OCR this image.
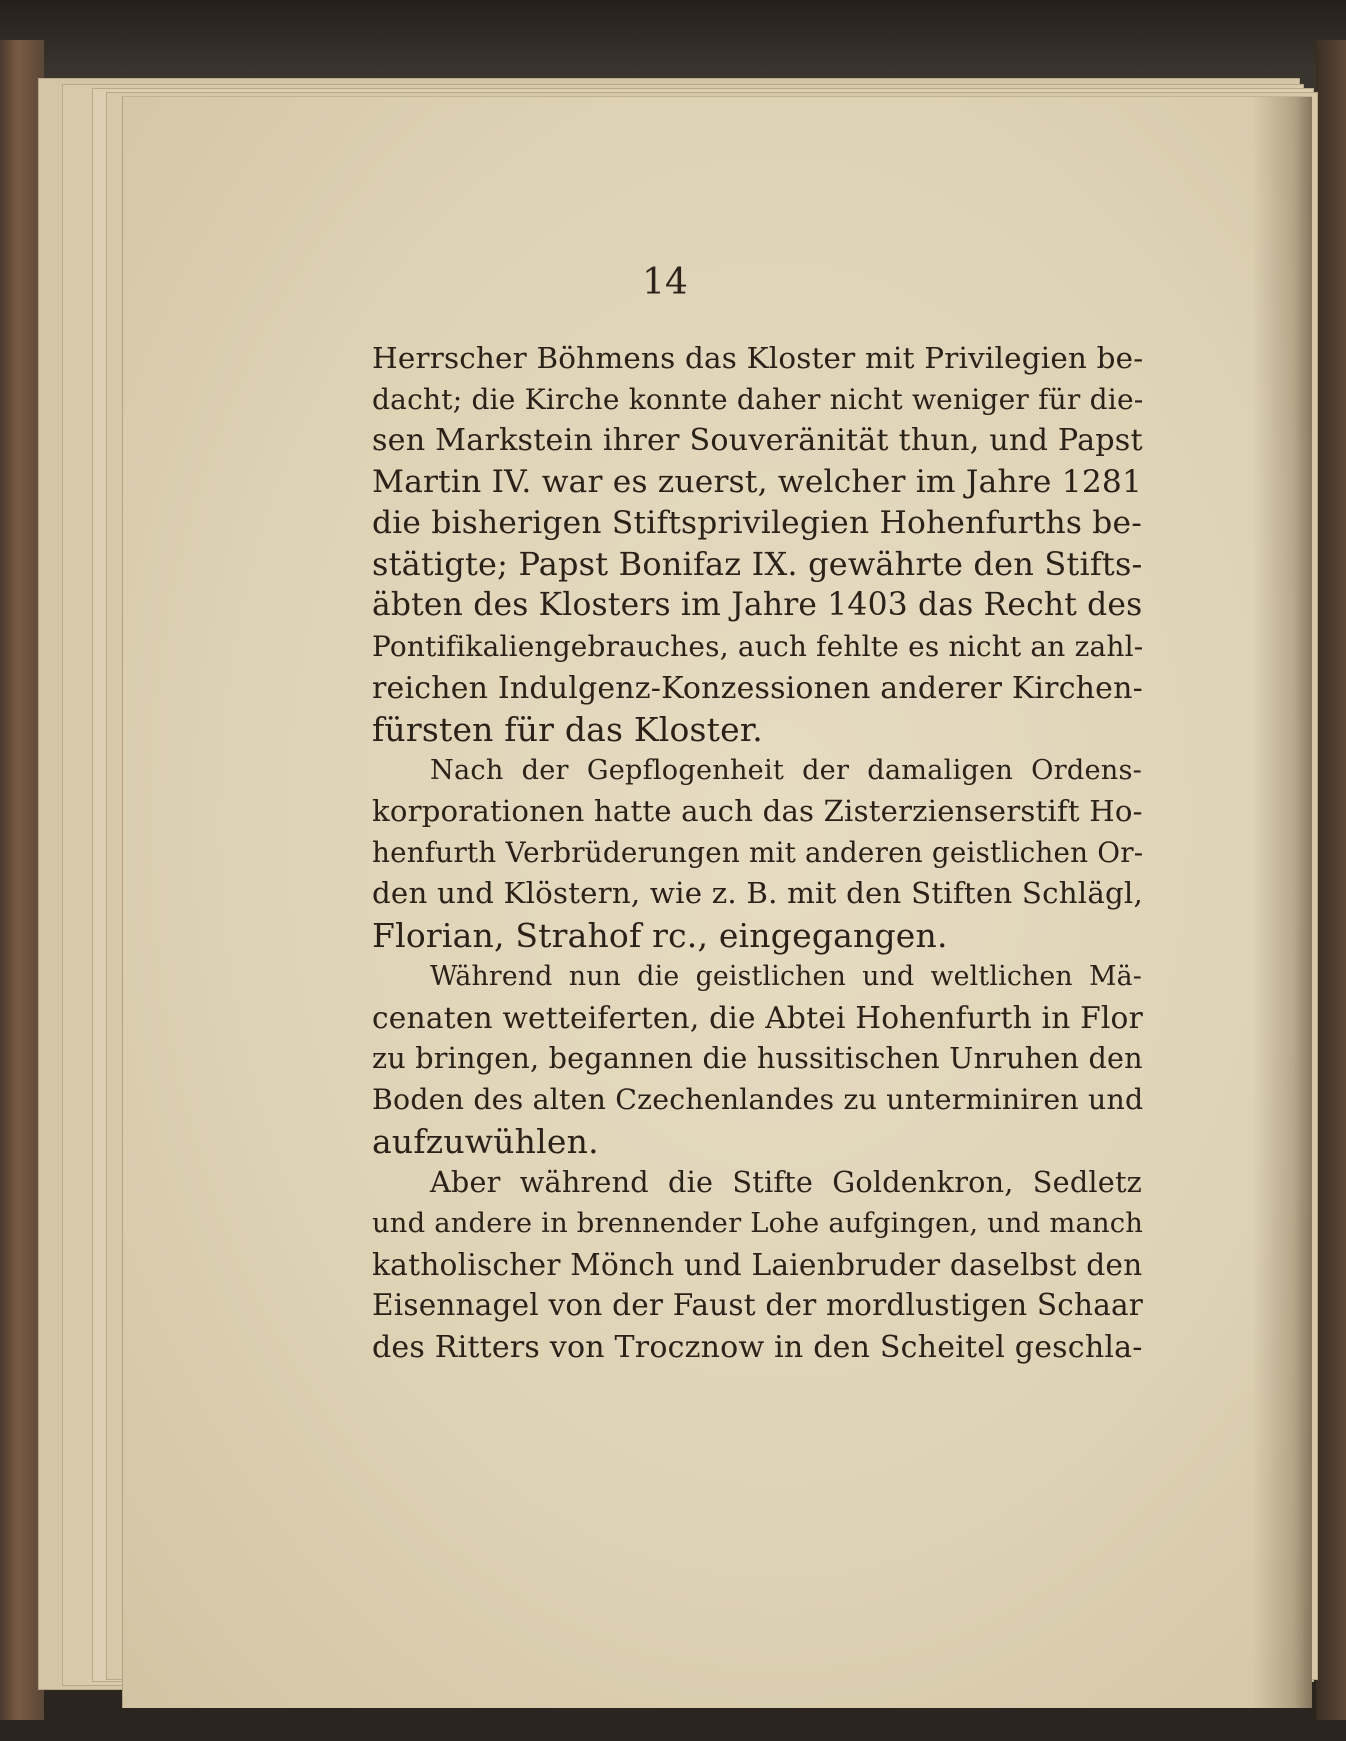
14
Herrscher Böhmens das Kloster mit Privilegien be-
dacht; die Kirche konnte daher nicht weniger für die-
sen Markstein ihrer Souveränität thun, und Papst
Martin IV. war es zuerst, welcher im Jahre 1281
die bisherigen Stiftsprivilegien Hohenfurths be-
stätigte; Papst Bonifaz IX. gewährte den Stifts-
äbten des Klosters im Jahre 1403 das Recht des
Pontifikaliengebrauches, auch fehlte es nicht an zahl-
reichen Indulgenz-Konzessionen anderer Kirchen-
fürsten für das Kloster.
Nach der Gepflogenheit der damaligen Ordens-
korporationen hatte auch das Zisterzienserstift Ho-
henfurth Verbrüderungen mit anderen geistlichen Or-
den und Klöstern, wie z. B. mit den Stiften Schlägl,
Florian, Strahof rc., eingegangen.
Während nun die geistlichen und weltlichen Mä-
cenaten wetteiferten, die Abtei Hohenfurth in Flor
zu bringen, begannen die hussitischen Unruhen den
Boden des alten Czechenlandes zu unterminiren und
aufzuwühlen.
Aber während die Stifte Goldenkron, Sedletz
und andere in brennender Lohe aufgingen, und manch
katholischer Mönch und Laienbruder daselbst den
Eisennagel von der Faust der mordlustigen Schaar
des Ritters von Trocznow in den Scheitel geschla-
